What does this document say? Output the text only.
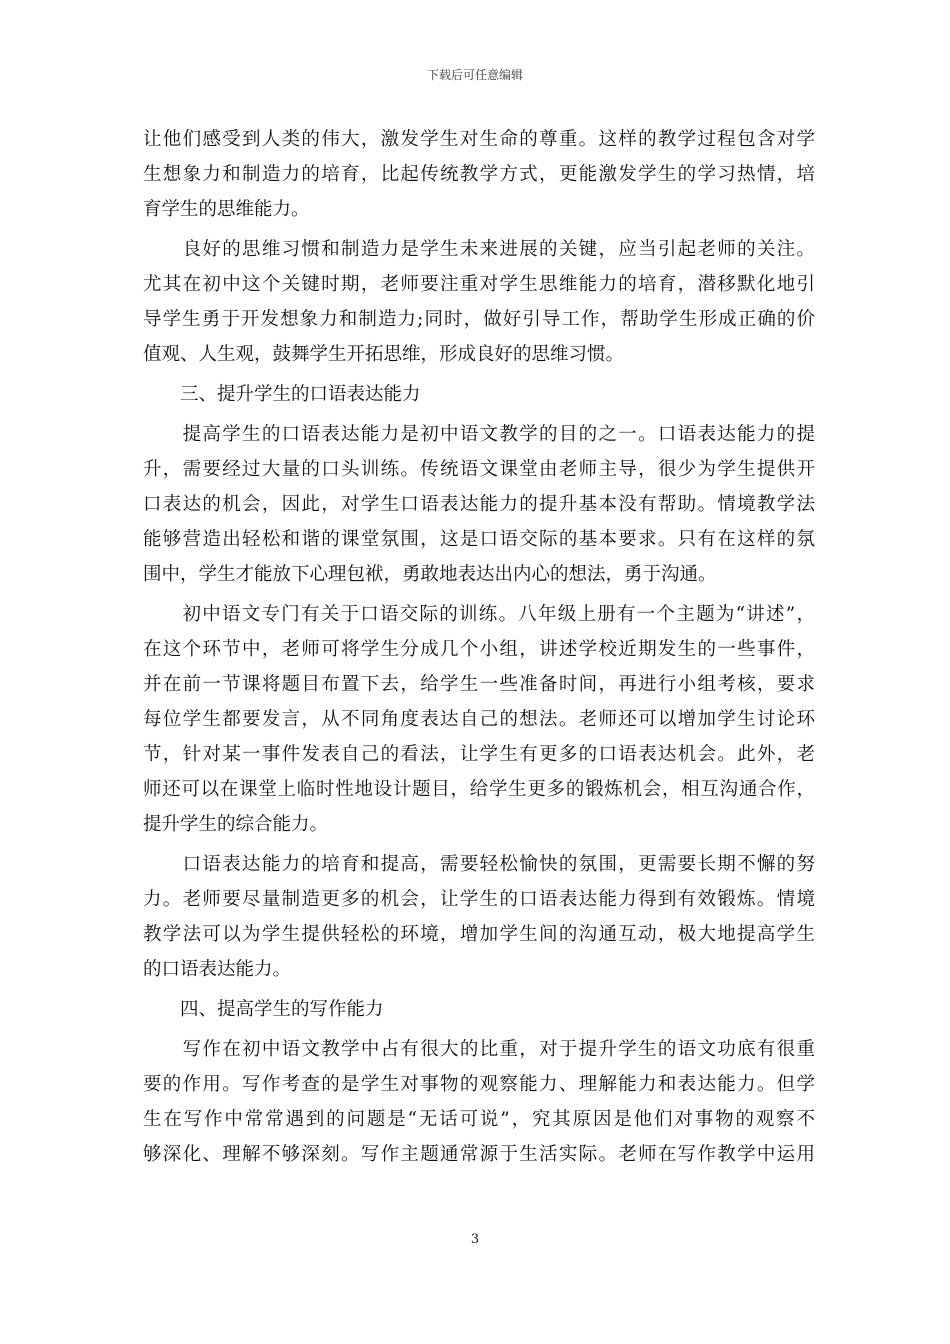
下载后可任意编辑
让他们感受到人类的伟大，激发学生对生命的尊重。这样的教学过程包含对学
生想象力和制造力的培育，比起传统教学方式，更能激发学生的学习热情，培
育学生的思维能力。
　　良好的思维习惯和制造力是学生未来进展的关键，应当引起老师的关注。
尤其在初中这个关键时期，老师要注重对学生思维能力的培育，潜移默化地引
导学生勇于开发想象力和制造力;同时，做好引导工作，帮助学生形成正确的价
值观、人生观，鼓舞学生开拓思维，形成良好的思维习惯。
　　三、提升学生的口语表达能力
　　提高学生的口语表达能力是初中语文教学的目的之一。口语表达能力的提
升，需要经过大量的口头训练。传统语文课堂由老师主导，很少为学生提供开
口表达的机会，因此，对学生口语表达能力的提升基本没有帮助。情境教学法
能够营造出轻松和谐的课堂氛围，这是口语交际的基本要求。只有在这样的氛
围中，学生才能放下心理包袱，勇敢地表达出内心的想法，勇于沟通。
　　初中语文专门有关于口语交际的训练。八年级上册有一个主题为“讲述”，
在这个环节中，老师可将学生分成几个小组，讲述学校近期发生的一些事件，
并在前一节课将题目布置下去，给学生一些准备时间，再进行小组考核，要求
每位学生都要发言，从不同角度表达自己的想法。老师还可以增加学生讨论环
节，针对某一事件发表自己的看法，让学生有更多的口语表达机会。此外，老
师还可以在课堂上临时性地设计题目，给学生更多的锻炼机会，相互沟通合作，
提升学生的综合能力。
　　口语表达能力的培育和提高，需要轻松愉快的氛围，更需要长期不懈的努
力。老师要尽量制造更多的机会，让学生的口语表达能力得到有效锻炼。情境
教学法可以为学生提供轻松的环境，增加学生间的沟通互动，极大地提高学生
的口语表达能力。
　　四、提高学生的写作能力
　　写作在初中语文教学中占有很大的比重，对于提升学生的语文功底有很重
要的作用。写作考查的是学生对事物的观察能力、理解能力和表达能力。但学
生在写作中常常遇到的问题是“无话可说”，究其原因是他们对事物的观察不
够深化、理解不够深刻。写作主题通常源于生活实际。老师在写作教学中运用
3
